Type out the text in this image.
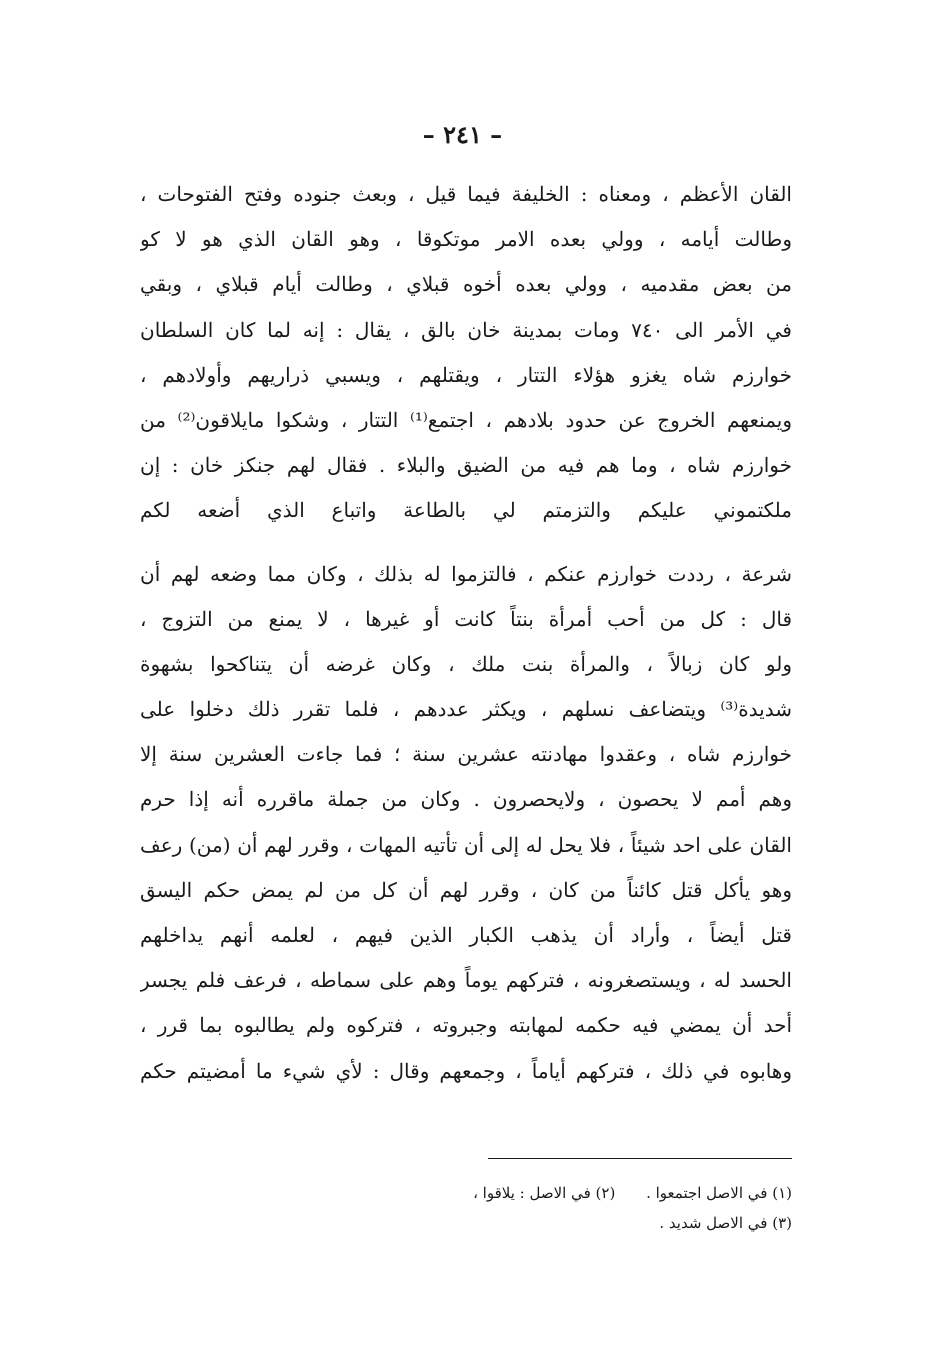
– ٢٤١ –
القان الأعظم ، ومعناه : الخليفة فيما قيل ، وبعث جنوده وفتح الفتوحات ،
وطالت أيامه ، وولي بعده الامر موتكوقا ، وهو القان الذي هو لا كو
من بعض مقدميه ، وولي بعده أخوه قبلاي ، وطالت أيام قبلاي ، وبقي
في الأمر الى ٧٤٠ ومات بمدينة خان بالق ، يقال : إنه لما كان السلطان
خوارزم شاه يغزو هؤلاء التتار ، ويقتلهم ، ويسبي ذراريهم وأولادهم ،
ويمنعهم الخروج عن حدود بلادهم ، اجتمع⁽¹⁾ التتار ، وشكوا مايلاقون⁽²⁾ من
خوارزم شاه ، وما هم فيه من الضيق والبلاء . فقال لهم جنكز خان : إن
ملكتموني عليكم والتزمتم لي بالطاعة واتباع الذي أضعه لكم
شرعة ، رددت خوارزم عنكم ، فالتزموا له بذلك ، وكان مما وضعه لهم أن
قال : كل من أحب أمرأة بنتاً كانت أو غيرها ، لا يمنع من التزوج ،
ولو كان زبالاً ، والمرأة بنت ملك ، وكان غرضه أن يتناكحوا بشهوة
شديدة⁽³⁾ ويتضاعف نسلهم ، ويكثر عددهم ، فلما تقرر ذلك دخلوا على
خوارزم شاه ، وعقدوا مهادنته عشرين سنة ؛ فما جاءت العشرين سنة إلا
وهم أمم لا يحصون ، ولايحصرون . وكان من جملة ماقرره أنه إذا حرم
القان على احد شيئاً ، فلا يحل له إلى أن تأتيه المهات ، وقرر لهم أن (من) رعف
وهو يأكل قتل كائناً من كان ، وقرر لهم أن كل من لم يمض حكم اليسق
قتل أيضاً ، وأراد أن يذهب الكبار الذين فيهم ، لعلمه أنهم يداخلهم
الحسد له ، ويستصغرونه ، فتركهم يوماً وهم على سماطه ، فرعف فلم يجسر
أحد أن يمضي فيه حكمه لمهابته وجبروته ، فتركوه ولم يطالبوه بما قرر ،
وهابوه في ذلك ، فتركهم أياماً ، وجمعهم وقال : لأي شيء ما أمضيتم حكم
(١) في الاصل اجتمعوا . (٢) في الاصل : يلاقوا ،
(٣) في الاصل شديد .
